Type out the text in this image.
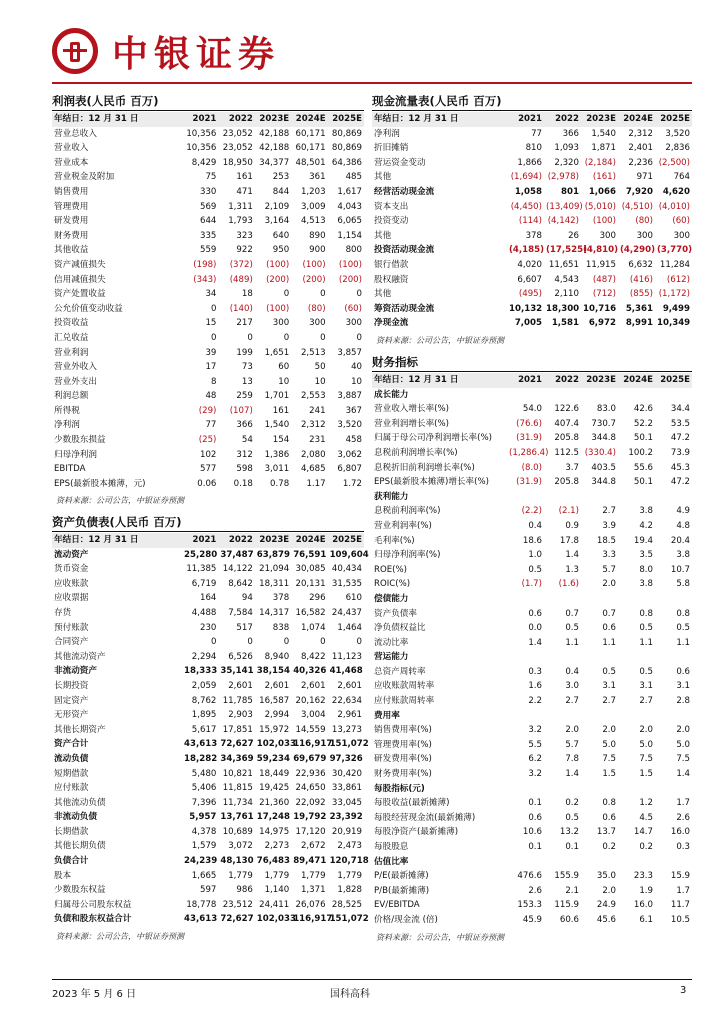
中银证券
利润表(人民币 百万)
年结日：12 月 31 日	2021	2022	2023E	2024E	2025E
营业总收入	10,356	23,052	42,188	60,171	80,869
营业收入	10,356	23,052	42,188	60,171	80,869
营业成本	8,429	18,950	34,377	48,501	64,386
营业税金及附加	75	161	253	361	485
销售费用	330	471	844	1,203	1,617
管理费用	569	1,311	2,109	3,009	4,043
研发费用	644	1,793	3,164	4,513	6,065
财务费用	335	323	640	890	1,154
其他收益	559	922	950	900	800
资产减值损失	(198)	(372)	(100)	(100)	(100)
信用减值损失	(343)	(489)	(200)	(200)	(200)
资产处置收益	34	18	0	0	0
公允价值变动收益	0	(140)	(100)	(80)	(60)
投资收益	15	217	300	300	300
汇兑收益	0	0	0	0	0
营业利润	39	199	1,651	2,513	3,857
营业外收入	17	73	60	50	40
营业外支出	8	13	10	10	10
利润总额	48	259	1,701	2,553	3,887
所得税	(29)	(107)	161	241	367
净利润	77	366	1,540	2,312	3,520
少数股东损益	(25)	54	154	231	458
归母净利润	102	312	1,386	2,080	3,062
EBITDA	577	598	3,011	4,685	6,807
EPS(最新股本摊薄，元)	0.06	0.18	0.78	1.17	1.72
资料来源：公司公告，中银证券预测
资产负债表(人民币 百万)
年结日：12 月 31 日	2021	2022	2023E	2024E	2025E
流动资产	25,280	37,487	63,879	76,591	109,604
货币资金	11,385	14,122	21,094	30,085	40,434
应收账款	6,719	8,642	18,311	20,131	31,535
应收票据	164	94	378	296	610
存货	4,488	7,584	14,317	16,582	24,437
预付账款	230	517	838	1,074	1,464
合同资产	0	0	0	0	0
其他流动资产	2,294	6,526	8,940	8,422	11,123
非流动资产	18,333	35,141	38,154	40,326	41,468
长期投资	2,059	2,601	2,601	2,601	2,601
固定资产	8,762	11,785	16,587	20,162	22,634
无形资产	1,895	2,903	2,994	3,004	2,961
其他长期资产	5,617	17,851	15,972	14,559	13,273
资产合计	43,613	72,627	102,033	116,917	151,072
流动负债	18,282	34,369	59,234	69,679	97,326
短期借款	5,480	10,821	18,449	22,936	30,420
应付账款	5,406	11,815	19,425	24,650	33,861
其他流动负债	7,396	11,734	21,360	22,092	33,045
非流动负债	5,957	13,761	17,248	19,792	23,392
长期借款	4,378	10,689	14,975	17,120	20,919
其他长期负债	1,579	3,072	2,273	2,672	2,473
负债合计	24,239	48,130	76,483	89,471	120,718
股本	1,665	1,779	1,779	1,779	1,779
少数股东权益	597	986	1,140	1,371	1,828
归属母公司股东权益	18,778	23,512	24,411	26,076	28,525
负债和股东权益合计	43,613	72,627	102,033	116,917	151,072
资料来源：公司公告，中银证券预测
现金流量表(人民币 百万)
年结日：12 月 31 日	2021	2022	2023E	2024E	2025E
净利润	77	366	1,540	2,312	3,520
折旧摊销	810	1,093	1,871	2,401	2,836
营运资金变动	1,866	2,320	(2,184)	2,236	(2,500)
其他	(1,694)	(2,978)	(161)	971	764
经营活动现金流	1,058	801	1,066	7,920	4,620
资本支出	(4,450)	(13,409)	(5,010)	(4,510)	(4,010)
投资变动	(114)	(4,142)	(100)	(80)	(60)
其他	378	26	300	300	300
投资活动现金流	(4,185)	(17,525)	(4,810)	(4,290)	(3,770)
银行借款	4,020	11,651	11,915	6,632	11,284
股权融资	6,607	4,543	(487)	(416)	(612)
其他	(495)	2,110	(712)	(855)	(1,172)
筹资活动现金流	10,132	18,300	10,716	5,361	9,499
净现金流	7,005	1,581	6,972	8,991	10,349
资料来源：公司公告，中银证券预测
财务指标
年结日：12 月 31 日	2021	2022	2023E	2024E	2025E
成长能力					
营业收入增长率(%)	54.0	122.6	83.0	42.6	34.4
营业利润增长率(%)	(76.6)	407.4	730.7	52.2	53.5
归属于母公司净利润增长率(%)	(31.9)	205.8	344.8	50.1	47.2
息税前利润增长率(%)	(1,286.4)	112.5	(330.4)	100.2	73.9
息税折旧前利润增长率(%)	(8.0)	3.7	403.5	55.6	45.3
EPS(最新股本摊薄)增长率(%)	(31.9)	205.8	344.8	50.1	47.2
获利能力					
息税前利润率(%)	(2.2)	(2.1)	2.7	3.8	4.9
营业利润率(%)	0.4	0.9	3.9	4.2	4.8
毛利率(%)	18.6	17.8	18.5	19.4	20.4
归母净利润率(%)	1.0	1.4	3.3	3.5	3.8
ROE(%)	0.5	1.3	5.7	8.0	10.7
ROIC(%)	(1.7)	(1.6)	2.0	3.8	5.8
偿债能力					
资产负债率	0.6	0.7	0.7	0.8	0.8
净负债权益比	0.0	0.5	0.6	0.5	0.5
流动比率	1.4	1.1	1.1	1.1	1.1
营运能力					
总资产周转率	0.3	0.4	0.5	0.5	0.6
应收账款周转率	1.6	3.0	3.1	3.1	3.1
应付账款周转率	2.2	2.7	2.7	2.7	2.8
费用率					
销售费用率(%)	3.2	2.0	2.0	2.0	2.0
管理费用率(%)	5.5	5.7	5.0	5.0	5.0
研发费用率(%)	6.2	7.8	7.5	7.5	7.5
财务费用率(%)	3.2	1.4	1.5	1.5	1.4
每股指标(元)					
每股收益(最新摊薄)	0.1	0.2	0.8	1.2	1.7
每股经营现金流(最新摊薄)	0.6	0.5	0.6	4.5	2.6
每股净资产(最新摊薄)	10.6	13.2	13.7	14.7	16.0
每股股息	0.1	0.1	0.2	0.2	0.3
估值比率					
P/E(最新摊薄)	476.6	155.9	35.0	23.3	15.9
P/B(最新摊薄)	2.6	2.1	2.0	1.9	1.7
EV/EBITDA	153.3	115.9	24.9	16.0	11.7
价格/现金流 (倍)	45.9	60.6	45.6	6.1	10.5
资料来源：公司公告，中银证券预测
2023 年 5 月 6 日	国科高科	3
